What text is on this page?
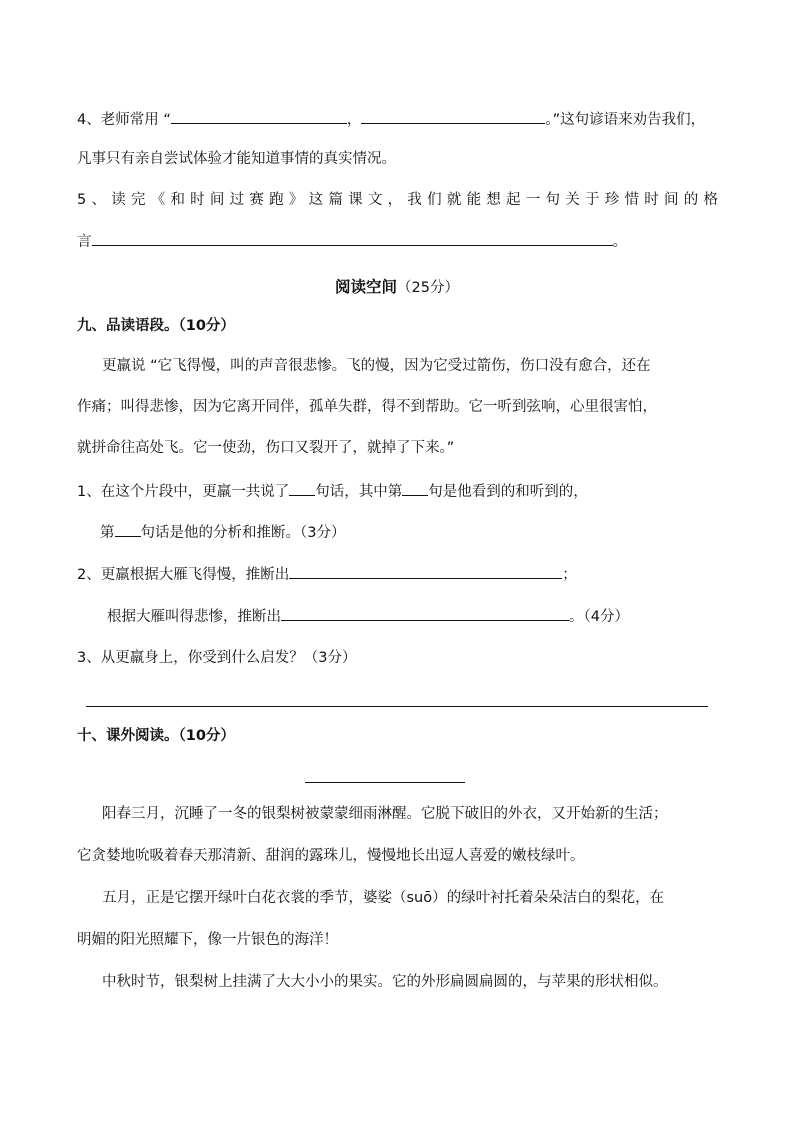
4、老师常用 “	，	。”这句谚语来劝告我们，
凡事只有亲自尝试体验才能知道事情的真实情况。
5、读完《和时间过赛跑》这篇课文，我们就能想起一句关于珍惜时间的格
言	。
阅读空间（25分）
九、品读语段。（10分）
更羸说 “它飞得慢，叫的声音很悲惨。飞的慢，因为它受过箭伤，伤口没有愈合，还在
作痛；叫得悲惨，因为它离开同伴，孤单失群，得不到帮助。它一听到弦响，心里很害怕，
就拼命往高处飞。它一使劲，伤口又裂开了，就掉了下来。”
1、在这个片段中，更羸一共说了 句话，其中第 句是他看到的和听到的，
第 句话是他的分析和推断。（3分）
2、更羸根据大雁飞得慢，推断出	；
根据大雁叫得悲惨，推断出	。（4分）
3、从更羸身上，你受到什么启发？（3分）
十、课外阅读。（10分）
阳春三月，沉睡了一冬的银梨树被蒙蒙细雨淋醒。它脱下破旧的外衣，又开始新的生活；
它贪婪地吮吸着春天那清新、甜润的露珠儿，慢慢地长出逗人喜爱的嫩枝绿叶。
五月，正是它摆开绿叶白花衣裳的季节，婆娑（suō）的绿叶衬托着朵朵洁白的梨花，在
明媚的阳光照耀下，像一片银色的海洋！
中秋时节，银梨树上挂满了大大小小的果实。它的外形扁圆扁圆的，与苹果的形状相似。
